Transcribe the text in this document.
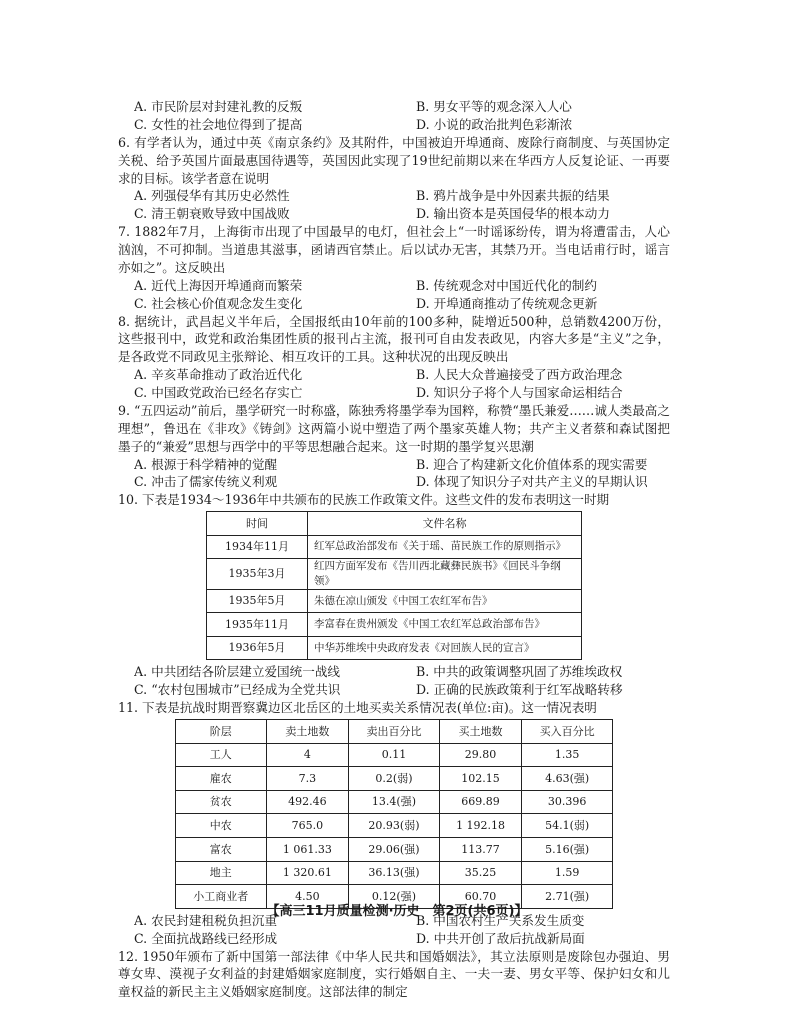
A. 市民阶层对封建礼教的反叛	B. 男女平等的观念深入人心
C. 女性的社会地位得到了提高	D. 小说的政治批判色彩渐浓

6. 有学者认为，通过中英《南京条约》及其附件，中国被迫开埠通商、废除行商制度、与英国协定关税、给予英国片面最惠国待遇等，英国因此实现了19世纪前期以来在华西方人反复论证、一再要求的目标。该学者意在说明

A. 列强侵华有其历史必然性	B. 鸦片战争是中外因素共振的结果
C. 清王朝衰败导致中国战败	D. 输出资本是英国侵华的根本动力

7. 1882年7月，上海街市出现了中国最早的电灯，但社会上“一时谣诼纷传，谓为将遭雷击，人心汹汹，不可抑制。当道患其滋事，函请西官禁止。后以试办无害，其禁乃开。当电话甫行时，谣言亦如之”。这反映出

A. 近代上海因开埠通商而繁荣	B. 传统观念对中国近代化的制约
C. 社会核心价值观念发生变化	D. 开埠通商推动了传统观念更新

8. 据统计，武昌起义半年后，全国报纸由10年前的100多种，陡增近500种，总销数4200万份，这些报刊中，政党和政治集团性质的报刊占主流，报刊可自由发表政见，内容大多是“主义”之争，是各政党不同政见主张辩论、相互攻讦的工具。这种状况的出现反映出

A. 辛亥革命推动了政治近代化	B. 人民大众普遍接受了西方政治理念
C. 中国政党政治已经名存实亡	D. 知识分子将个人与国家命运相结合

9. “五四运动”前后，墨学研究一时称盛，陈独秀将墨学奉为国粹，称赞“墨氏兼爱……诚人类最高之理想”，鲁迅在《非攻》《铸剑》这两篇小说中塑造了两个墨家英雄人物；共产主义者蔡和森试图把墨子的“兼爱”思想与西学中的平等思想融合起来。这一时期的墨学复兴思潮

A. 根源于科学精神的觉醒	B. 迎合了构建新文化价值体系的现实需要
C. 冲击了儒家传统义利观	D. 体现了知识分子对共产主义的早期认识

10. 下表是1934～1936年中共颁布的民族工作政策文件。这些文件的发布表明这一时期

时间	文件名称
1934年11月	红军总政治部发布《关于瑶、苗民族工作的原则指示》
1935年3月	红四方面军发布《告川西北藏彝民族书》《回民斗争纲领》
1935年5月	朱德在凉山颁发《中国工农红军布告》
1935年11月	李富春在贵州颁发《中国工农红军总政治部布告》
1936年5月	中华苏维埃中央政府发表《对回族人民的宣言》
A. 中共团结各阶层建立爱国统一战线	B. 中共的政策调整巩固了苏维埃政权
C. “农村包围城市”已经成为全党共识	D. 正确的民族政策利于红军战略转移

11. 下表是抗战时期晋察冀边区北岳区的土地买卖关系情况表(单位:亩)。这一情况表明

阶层	卖土地数	卖出百分比	买土地数	买入百分比
工人	4	0.11	29.80	1.35
雇农	7.3	0.2(弱)	102.15	4.63(强)
贫农	492.46	13.4(强)	669.89	30.396
中农	765.0	20.93(弱)	1 192.18	54.1(弱)
富农	1 061.33	29.06(强)	113.77	5.16(强)
地主	1 320.61	36.13(强)	35.25	1.59
小工商业者	4.50	0.12(强)	60.70	2.71(强)
A. 农民封建租税负担沉重	B. 中国农村生产关系发生质变
C. 全面抗战路线已经形成	D. 中共开创了敌后抗战新局面

12. 1950年颁布了新中国第一部法律《中华人民共和国婚姻法》，其立法原则是废除包办强迫、男尊女卑、漠视子女利益的封建婚姻家庭制度，实行婚姻自主、一夫一妻、男女平等、保护妇女和儿童权益的新民主主义婚姻家庭制度。这部法律的制定

【高三11月质量检测·历史　第2页(共6页)】
